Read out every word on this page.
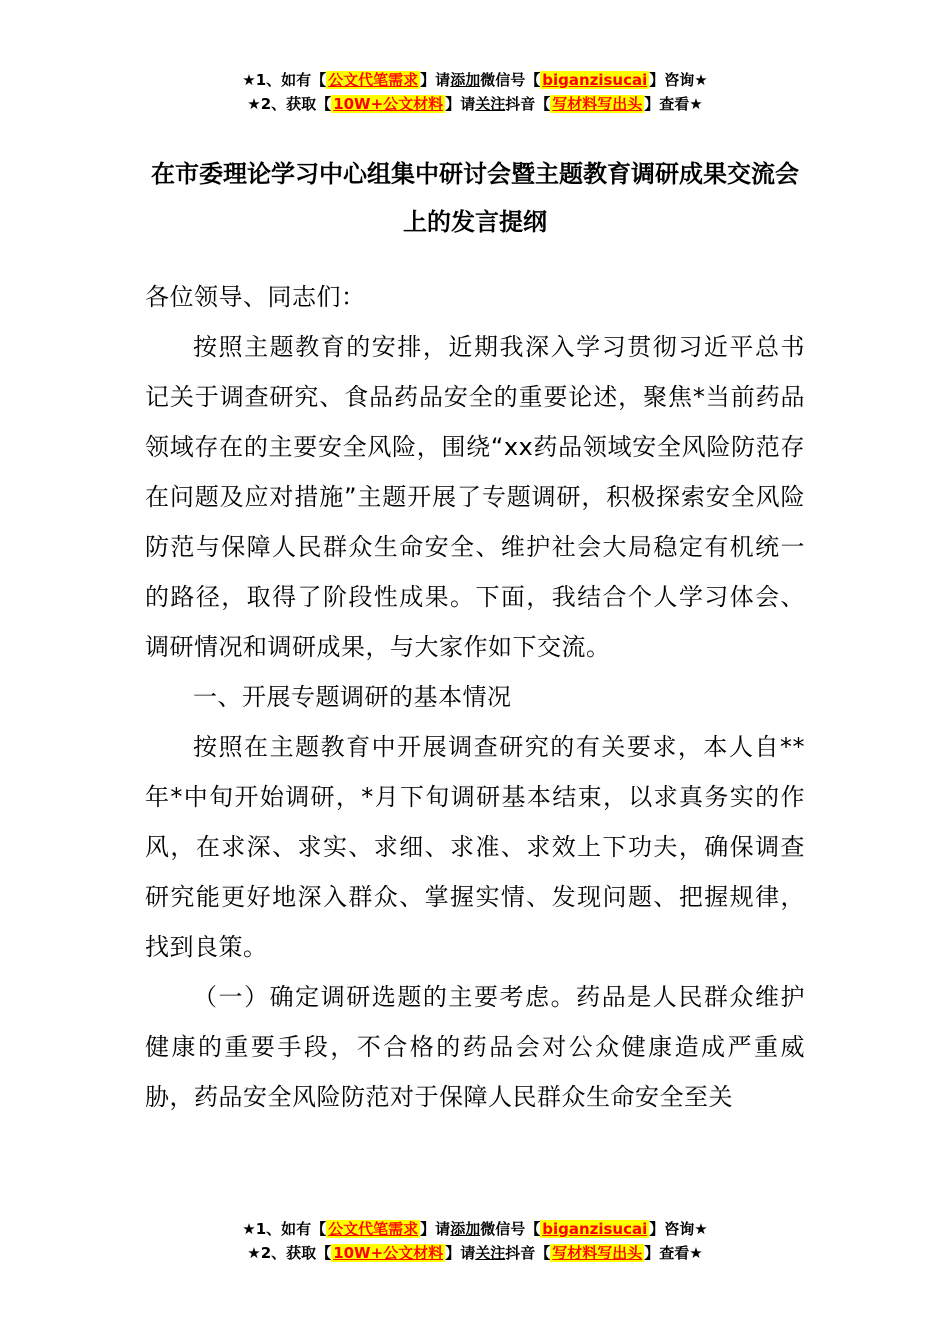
★1、如有【 公文代笔需求 】请添加微信号【 biganzisucai 】咨询★
★2、获取【 10W+公文材料 】请关注抖音【 写材料写出头 】查看★
在市委理论学习中心组集中研讨会暨主题教育调研成果交流会上的发言提纲

各位领导、同志们：

按照主题教育的安排，近期我深入学习贯彻习近平总书记关于调查研究、食品药品安全的重要论述，聚焦*当前药品领域存在的主要安全风险，围绕“xx药品领域安全风险防范存在问题及应对措施”主题开展了专题调研，积极探索安全风险防范与保障人民群众生命安全、维护社会大局稳定有机统一的路径，取得了阶段性成果。下面，我结合个人学习体会、调研情况和调研成果，与大家作如下交流。

一、开展专题调研的基本情况

按照在主题教育中开展调查研究的有关要求，本人自**年*中旬开始调研，*月下旬调研基本结束，以求真务实的作风，在求深、求实、求细、求准、求效上下功夫，确保调查研究能更好地深入群众、掌握实情、发现问题、把握规律，找到良策。

（一）确定调研选题的主要考虑。药品是人民群众维护健康的重要手段，不合格的药品会对公众健康造成严重威胁，药品安全风险防范对于保障人民群众生命安全至关

★1、如有【 公文代笔需求 】请添加微信号【 biganzisucai 】咨询★
★2、获取【 10W+公文材料 】请关注抖音【 写材料写出头 】查看★
